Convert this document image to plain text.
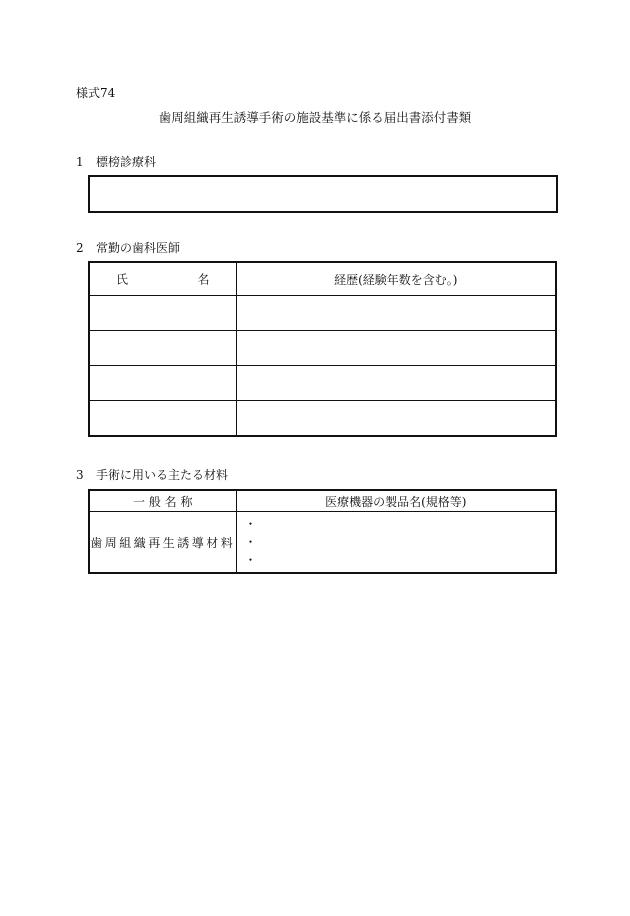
様式74
歯周組織再生誘導手術の施設基準に係る届出書添付書類
1 標榜診療科
2 常勤の歯科医師
氏 名	経歴(経験年数を含む。)

3 手術に用いる主たる材料
一 般 名 称	医療機器の製品名(規格等)
歯周組織再生誘導材料	・
・
・
